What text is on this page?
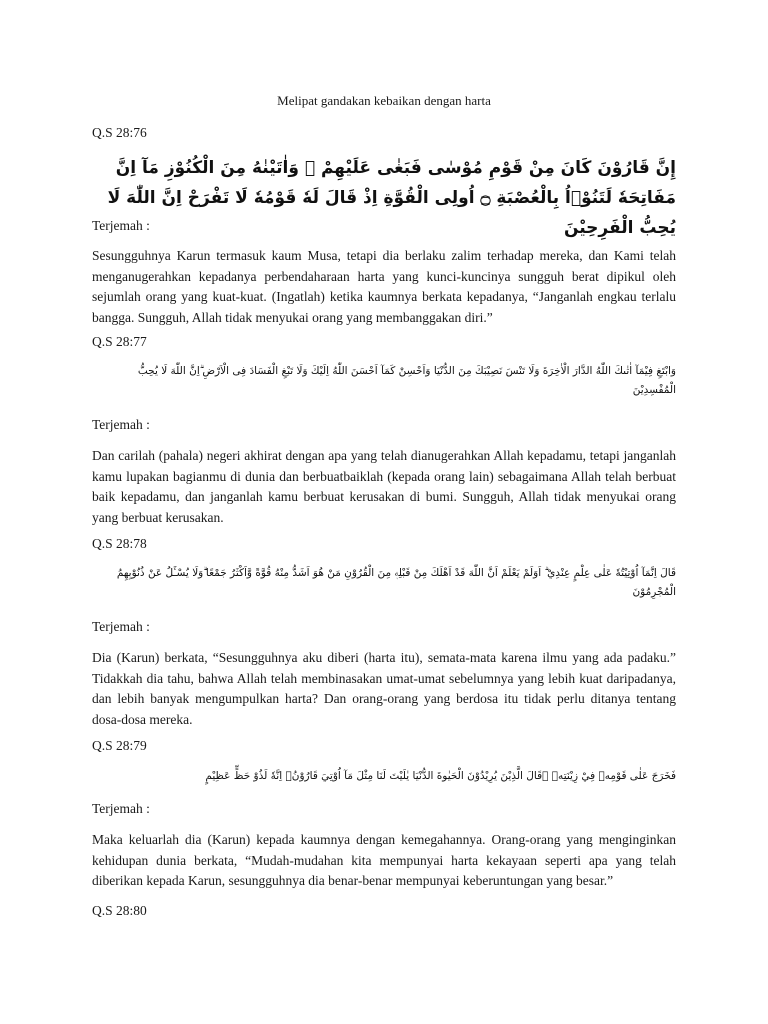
Melipat gandakan kebaikan dengan harta
Q.S 28:76
إِنَّ قَارُوْنَ كَانَ مِنْ قَوْمِ مُوْسٰى فَبَغٰى عَلَيْهِمْ ۖ وَاٰتَيْنٰهُ مِنَ الْكُنُوْزِ مَآ اِنَّ مَفَاتِحَهٗ لَتَنُوْۤاُ بِالْعُصْبَةِ ۝ اُولِى الْقُوَّةِ اِذْ قَالَ لَهٗ قَوْمُهٗ لَا تَفْرَحْ اِنَّ اللّٰهَ لَا يُحِبُّ الْفَرِحِيْنَ
Terjemah :
Sesungguhnya Karun termasuk kaum Musa, tetapi dia berlaku zalim terhadap mereka, dan Kami telah menganugerahkan kepadanya perbendaharaan harta yang kunci-kuncinya sungguh berat dipikul oleh sejumlah orang yang kuat-kuat. (Ingatlah) ketika kaumnya berkata kepadanya, “Janganlah engkau terlalu bangga. Sungguh, Allah tidak menyukai orang yang membanggakan diri.”
Q.S 28:77
وَابْتَغِ فِيْمَآ اٰتٰىكَ اللّٰهُ الدَّارَ الْاٰخِرَةَ وَلَا تَنْسَ نَصِيْبَكَ مِنَ الدُّنْيَا وَاَحْسِنْ كَمَآ اَحْسَنَ اللّٰهُ اِلَيْكَ وَلَا تَبْغِ الْفَسَادَ فِى الْاَرْضِ ۗاِنَّ اللّٰهَ لَا يُحِبُّ الْمُفْسِدِيْنَ
Terjemah :
Dan carilah (pahala) negeri akhirat dengan apa yang telah dianugerahkan Allah kepadamu, tetapi janganlah kamu lupakan bagianmu di dunia dan berbuatbaiklah (kepada orang lain) sebagaimana Allah telah berbuat baik kepadamu, dan janganlah kamu berbuat kerusakan di bumi. Sungguh, Allah tidak menyukai orang yang berbuat kerusakan.
Q.S 28:78
قَالَ اِنَّمَآ اُوْتِيْتُهٗ عَلٰى عِلْمٍ عِنْدِيْ ۗ اَوَلَمْ يَعْلَمْ اَنَّ اللّٰهَ قَدْ اَهْلَكَ مِنْ قَبْلِهٖ مِنَ الْقُرُوْنِ مَنْ هُوَ اَشَدُّ مِنْهُ قُوَّةً وَّاَكْثَرُ جَمْعًا ۗوَلَا يُسْـَٔلُ عَنْ ذُنُوْبِهِمُ الْمُجْرِمُوْنَ
Terjemah :
Dia (Karun) berkata, “Sesungguhnya aku diberi (harta itu), semata-mata karena ilmu yang ada padaku.” Tidakkah dia tahu, bahwa Allah telah membinasakan umat-umat sebelumnya yang lebih kuat daripadanya, dan lebih banyak mengumpulkan harta? Dan orang-orang yang berdosa itu tidak perlu ditanya tentang dosa-dosa mereka.
Q.S 28:79
فَخَرَجَ عَلٰى قَوْمِهٖ فِيْ زِيْنَتِهٖ ۗقَالَ الَّذِيْنَ يُرِيْدُوْنَ الْحَيٰوةَ الدُّنْيَا يٰلَيْتَ لَنَا مِثْلَ مَآ اُوْتِيَ قَارُوْنُۙ اِنَّهٗ لَذُوْ حَظٍّ عَظِيْمٍ
Terjemah :
Maka keluarlah dia (Karun) kepada kaumnya dengan kemegahannya. Orang-orang yang menginginkan kehidupan dunia berkata, “Mudah-mudahan kita mempunyai harta kekayaan seperti apa yang telah diberikan kepada Karun, sesungguhnya dia benar-benar mempunyai keberuntungan yang besar.”
Q.S 28:80
